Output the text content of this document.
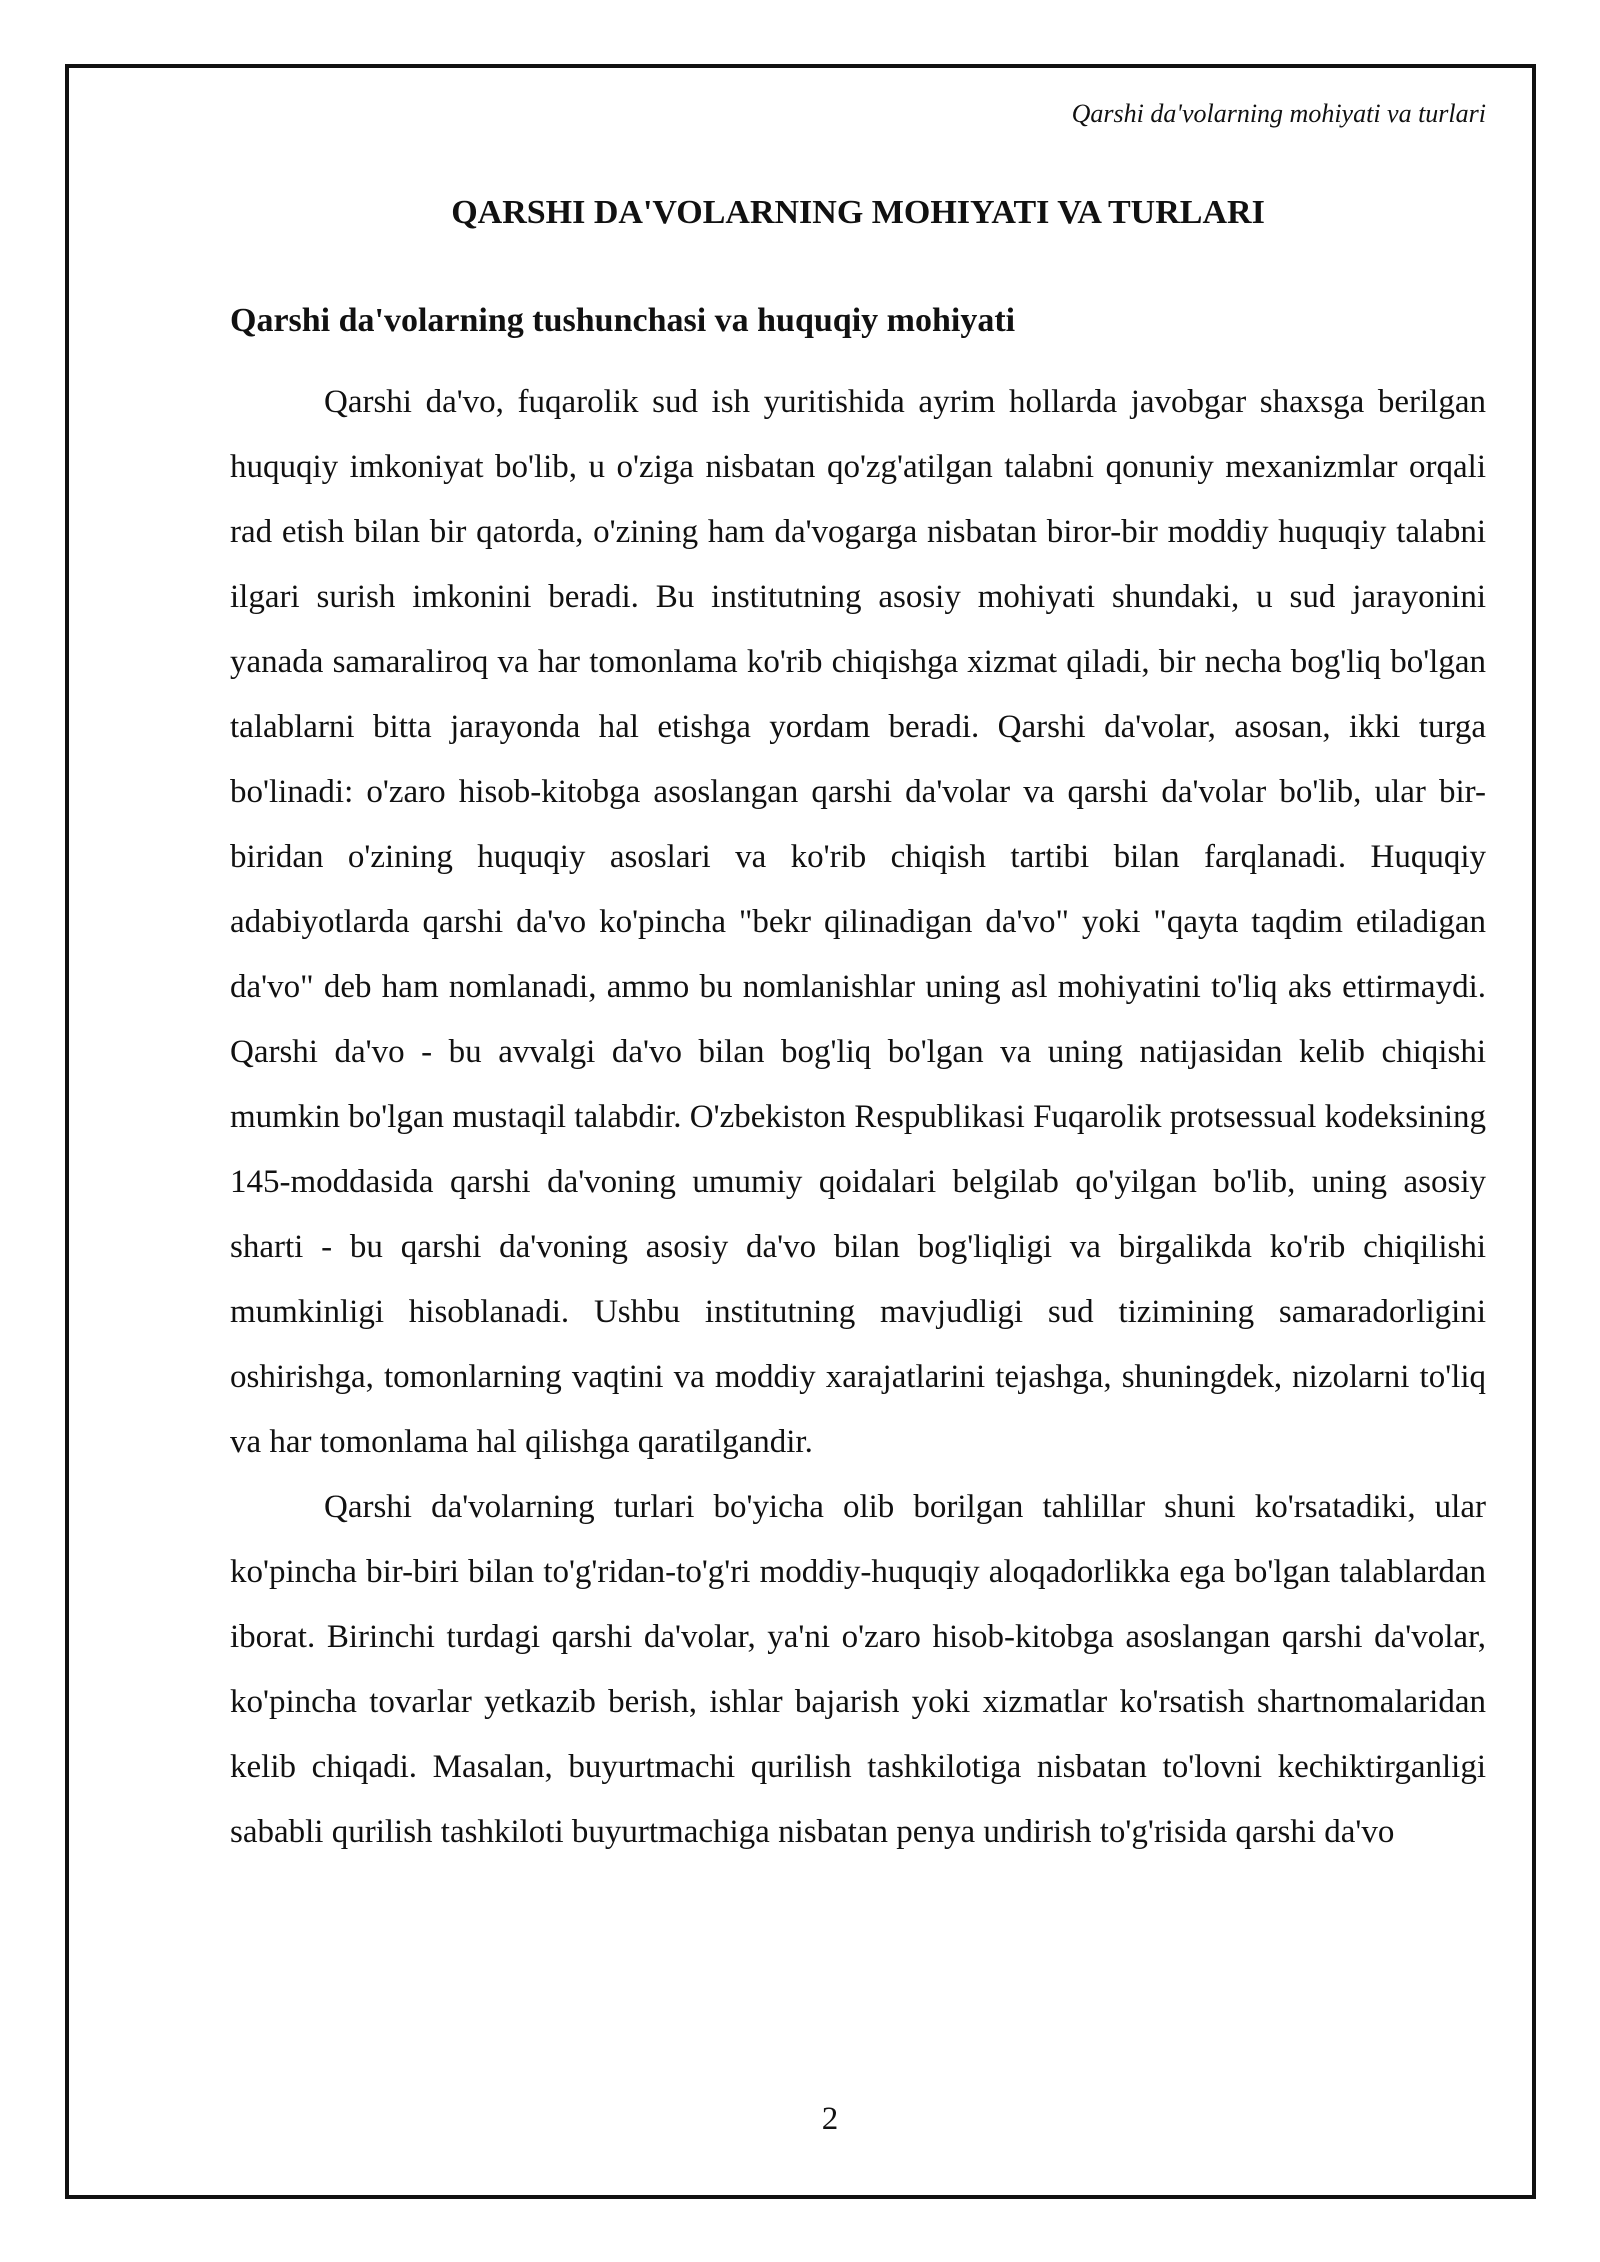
Qarshi da'volarning mohiyati va turlari
QARSHI DA'VOLARNING MOHIYATI VA TURLARI
Qarshi da'volarning tushunchasi va huquqiy mohiyati

Qarshi da'vo, fuqarolik sud ish yuritishida ayrim hollarda javobgar shaxsga berilgan huquqiy imkoniyat bo'lib, u o'ziga nisbatan qo'zg'atilgan talabni qonuniy mexanizmlar orqali rad etish bilan bir qatorda, o'zining ham da'vogarga nisbatan biror-bir moddiy huquqiy talabni ilgari surish imkonini beradi. Bu institutning asosiy mohiyati shundaki, u sud jarayonini yanada samaraliroq va har tomonlama ko'rib chiqishga xizmat qiladi, bir necha bog'liq bo'lgan talablarni bitta jarayonda hal etishga yordam beradi. Qarshi da'volar, asosan, ikki turga bo'linadi: o'zaro hisob-kitobga asoslangan qarshi da'volar va qarshi da'volar bo'lib, ular bir-biridan o'zining huquqiy asoslari va ko'rib chiqish tartibi bilan farqlanadi. Huquqiy adabiyotlarda qarshi da'vo ko'pincha "bekr qilinadigan da'vo" yoki "qayta taqdim etiladigan da'vo" deb ham nomlanadi, ammo bu nomlanishlar uning asl mohiyatini to'liq aks ettirmaydi. Qarshi da'vo - bu avvalgi da'vo bilan bog'liq bo'lgan va uning natijasidan kelib chiqishi mumkin bo'lgan mustaqil talabdir. O'zbekiston Respublikasi Fuqarolik protsessual kodeksining 145-moddasida qarshi da'voning umumiy qoidalari belgilab qo'yilgan bo'lib, uning asosiy sharti - bu qarshi da'voning asosiy da'vo bilan bog'liqligi va birgalikda ko'rib chiqilishi mumkinligi hisoblanadi. Ushbu institutning mavjudligi sud tizimining samaradorligini oshirishga, tomonlarning vaqtini va moddiy xarajatlarini tejashga, shuningdek, nizolarni to'liq va har tomonlama hal qilishga qaratilgandir.

Qarshi da'volarning turlari bo'yicha olib borilgan tahlillar shuni ko'rsatadiki, ular ko'pincha bir-biri bilan to'g'ridan-to'g'ri moddiy-huquqiy aloqadorlikka ega bo'lgan talablardan iborat. Birinchi turdagi qarshi da'volar, ya'ni o'zaro hisob-kitobga asoslangan qarshi da'volar, ko'pincha tovarlar yetkazib berish, ishlar bajarish yoki xizmatlar ko'rsatish shartnomalaridan kelib chiqadi. Masalan, buyurtmachi qurilish tashkilotiga nisbatan to'lovni kechiktirganligi sababli qurilish tashkiloti buyurtmachiga nisbatan penya undirish to'g'risida qarshi da'vo

2
